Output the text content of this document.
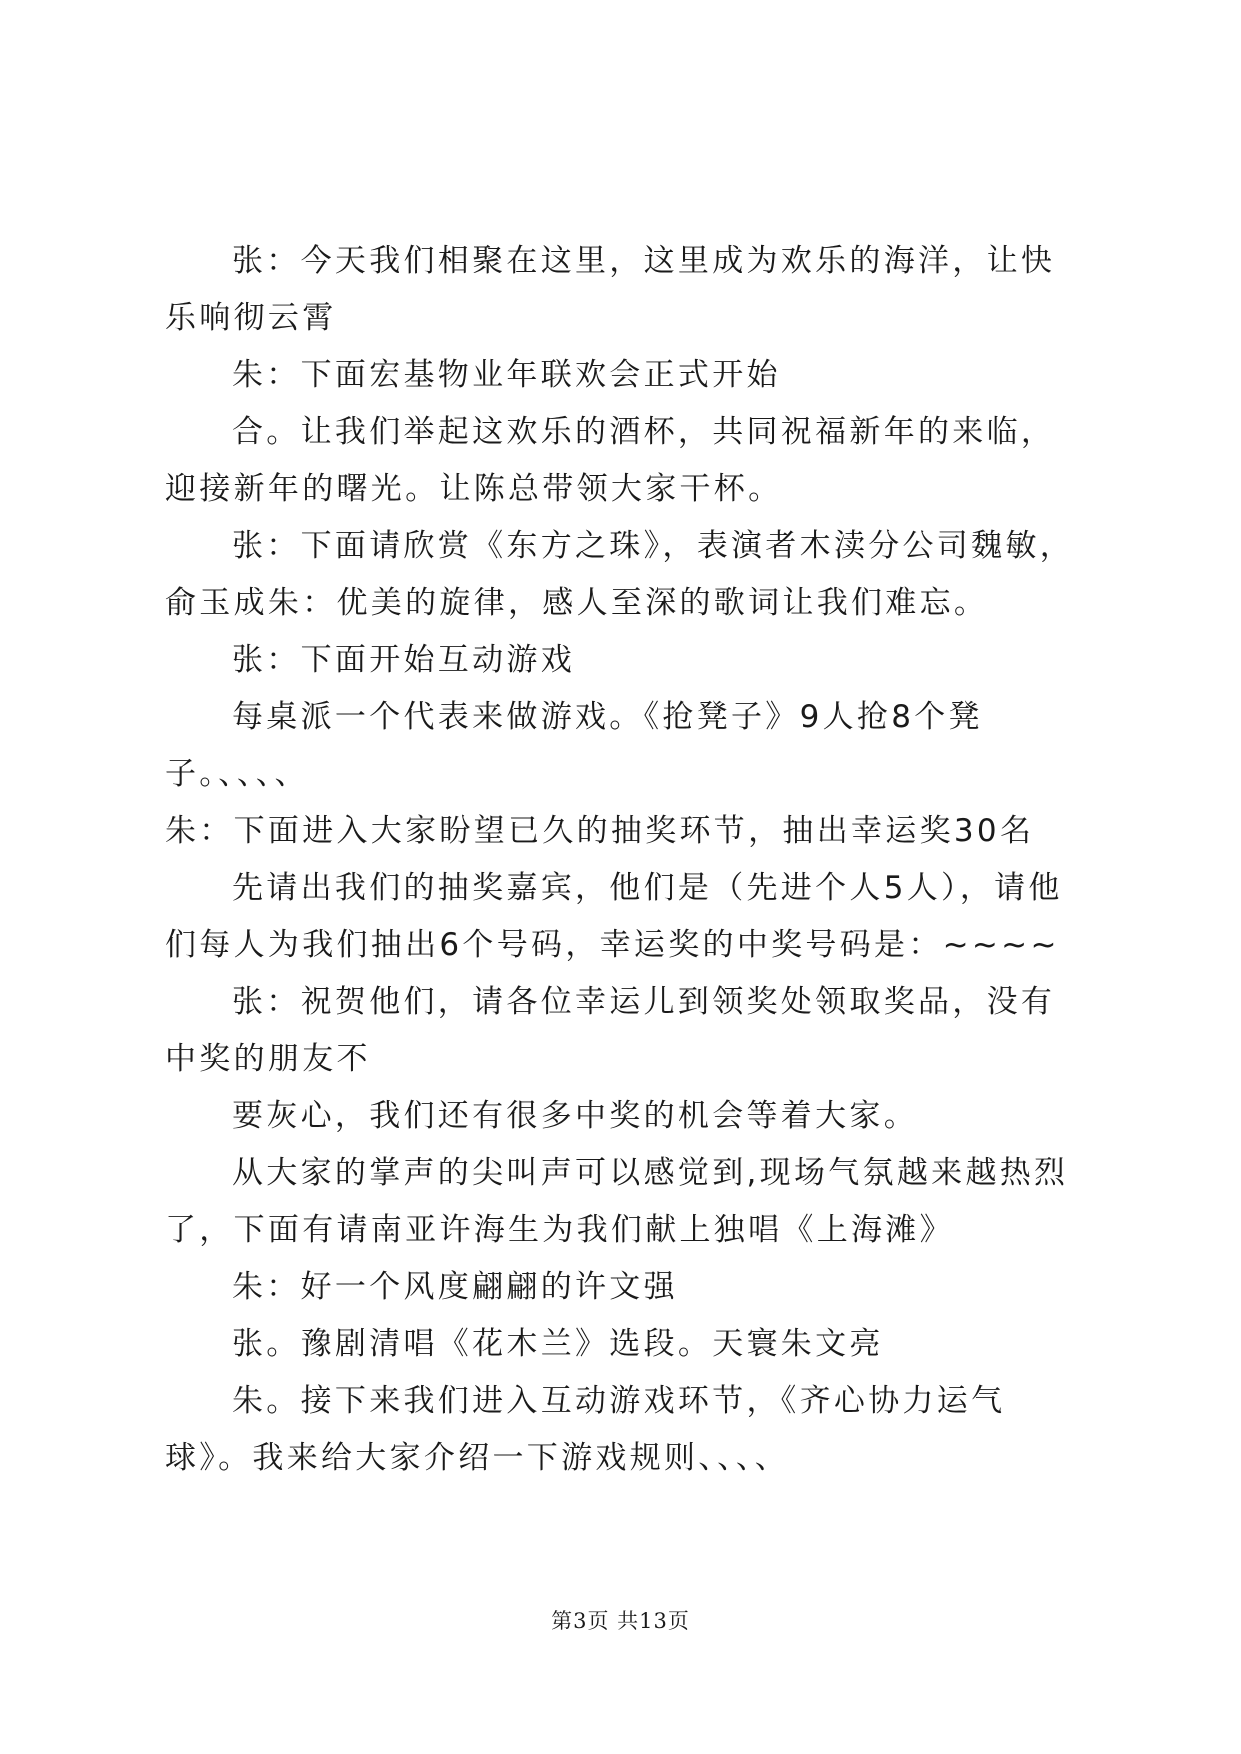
张：今天我们相聚在这里，这里成为欢乐的海洋，让快乐响彻云霄

朱：下面宏基物业年联欢会正式开始

合。让我们举起这欢乐的酒杯，共同祝福新年的来临，迎接新年的曙光。让陈总带领大家干杯。

张：下面请欣赏《东方之珠》，表演者木渎分公司魏敏，俞玉成朱：优美的旋律，感人至深的歌词让我们难忘。

张：下面开始互动游戏

每桌派一个代表来做游戏。《抢凳子》9人抢8个凳子。、、、、

朱：下面进入大家盼望已久的抽奖环节，抽出幸运奖30名

先请出我们的抽奖嘉宾，他们是（先进个人5人），请他们每人为我们抽出6个号码，幸运奖的中奖号码是：~~~~

张：祝贺他们，请各位幸运儿到领奖处领取奖品，没有中奖的朋友不

要灰心，我们还有很多中奖的机会等着大家。

从大家的掌声的尖叫声可以感觉到,现场气氛越来越热烈了，下面有请南亚许海生为我们献上独唱《上海滩》

朱：好一个风度翩翩的许文强

张。豫剧清唱《花木兰》选段。天寰朱文亮

朱。接下来我们进入互动游戏环节，《齐心协力运气球》。我来给大家介绍一下游戏规则、、、、

第3页 共13页
